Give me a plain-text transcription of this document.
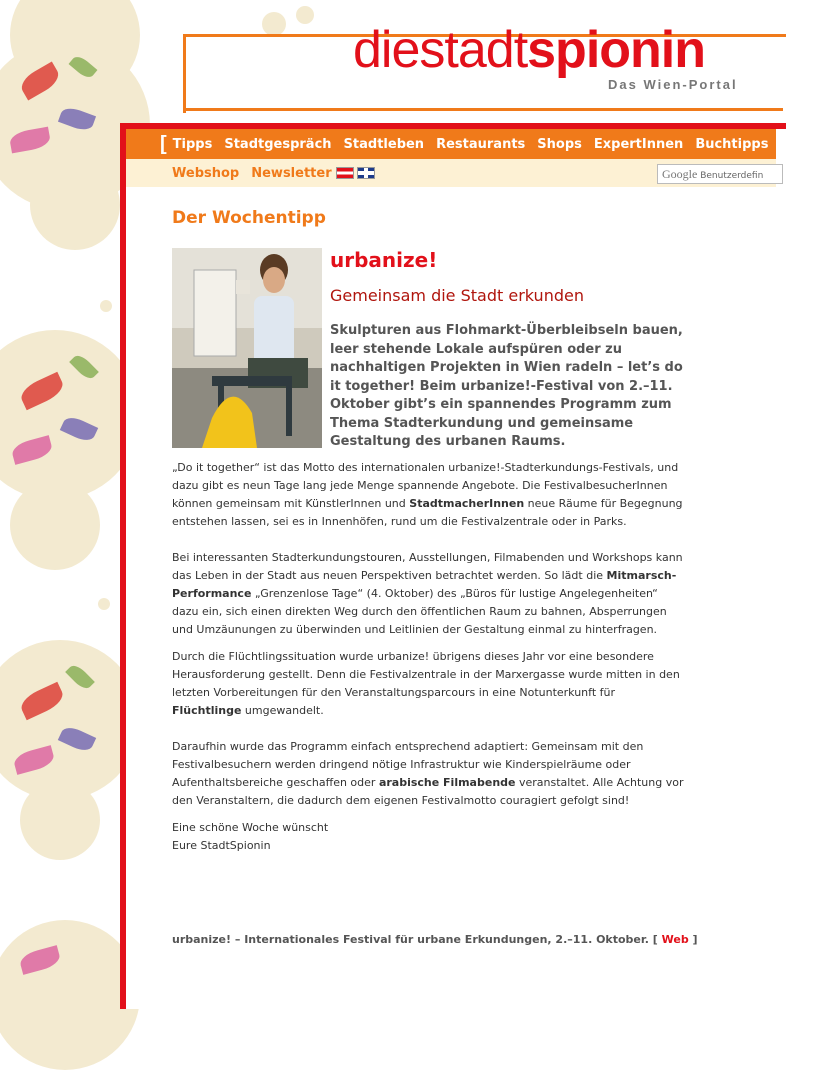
diestadtspionin
Das Wien-Portal
[ Tipps Stadtgespräch Stadtleben Restaurants Shops ExpertInnen Buchtipps Geschr
Webshop Newsletter	Google Benutzerdefin
Der Wochentipp
urbanize!
Gemeinsam die Stadt erkunden
Skulpturen aus Flohmarkt-Überbleibseln bauen, leer stehende Lokale aufspüren oder zu nachhaltigen Projekten in Wien radeln – let’s do it together! Beim urbanize!-Festival von 2.–11. Oktober gibt’s ein spannendes Programm zum Thema Stadterkundung und gemeinsame Gestaltung des urbanen Raums.

„Do it together“ ist das Motto des internationalen urbanize!-Stadterkundungs-Festivals, und dazu gibt es neun Tage lang jede Menge spannende Angebote. Die FestivalbesucherInnen können gemeinsam mit KünstlerInnen und StadtmacherInnen neue Räume für Begegnung entstehen lassen, sei es in Innenhöfen, rund um die Festivalzentrale oder in Parks.

Bei interessanten Stadterkundungstouren, Ausstellungen, Filmabenden und Workshops kann das Leben in der Stadt aus neuen Perspektiven betrachtet werden. So lädt die Mitmarsch-Performance „Grenzenlose Tage“ (4. Oktober) des „Büros für lustige Angelegenheiten“ dazu ein, sich einen direkten Weg durch den öffentlichen Raum zu bahnen, Absperrungen und Umzäunungen zu überwinden und Leitlinien der Gestaltung einmal zu hinterfragen.

Durch die Flüchtlingssituation wurde urbanize! übrigens dieses Jahr vor eine besondere Herausforderung gestellt. Denn die Festivalzentrale in der Marxergasse wurde mitten in den letzten Vorbereitungen für den Veranstaltungsparcours in eine Notunterkunft für Flüchtlinge umgewandelt.

Daraufhin wurde das Programm einfach entsprechend adaptiert: Gemeinsam mit den Festivalbesuchern werden dringend nötige Infrastruktur wie Kinderspielräume oder Aufenthaltsbereiche geschaffen oder arabische Filmabende veranstaltet. Alle Achtung vor den Veranstaltern, die dadurch dem eigenen Festivalmotto couragiert gefolgt sind!

Eine schöne Woche wünscht

Eure StadtSpionin

urbanize! – Internationales Festival für urbane Erkundungen, 2.–11. Oktober. [ Web ]
